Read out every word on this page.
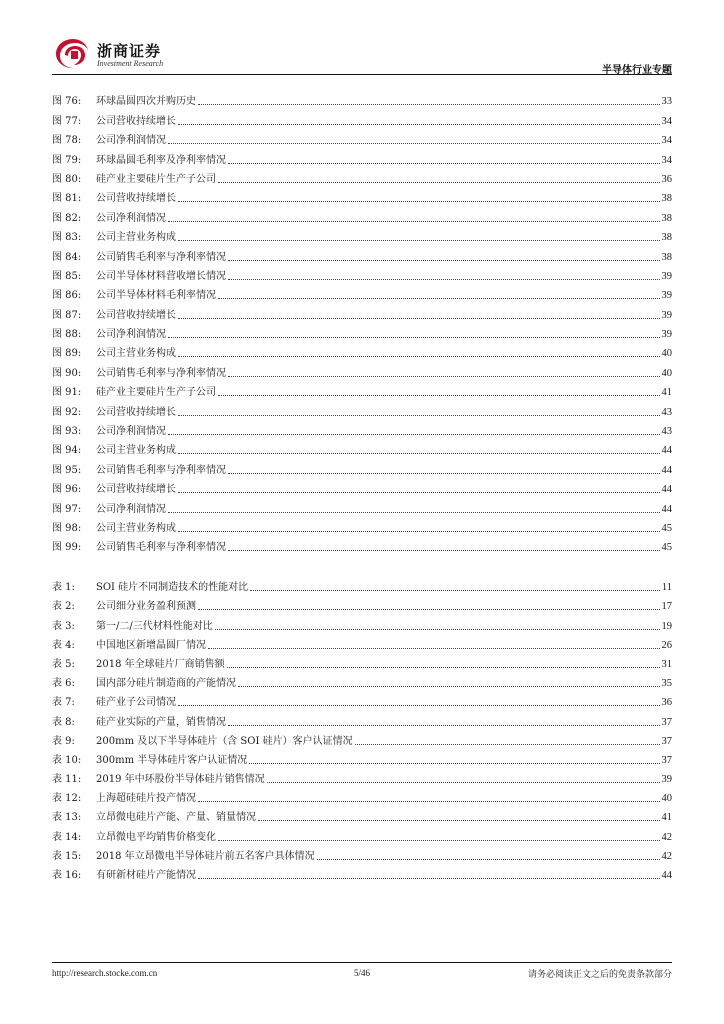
浙商证券
Investment Research
半导体行业专题
图 76:	环球晶圆四次并购历史	33
图 77:	公司营收持续增长	34
图 78:	公司净利润情况	34
图 79:	环球晶圆毛利率及净利率情况	34
图 80:	硅产业主要硅片生产子公司	36
图 81:	公司营收持续增长	38
图 82:	公司净利润情况	38
图 83:	公司主营业务构成	38
图 84:	公司销售毛利率与净利率情况	38
图 85:	公司半导体材料营收增长情况	39
图 86:	公司半导体材料毛利率情况	39
图 87:	公司营收持续增长	39
图 88:	公司净利润情况	39
图 89:	公司主营业务构成	40
图 90:	公司销售毛利率与净利率情况	40
图 91:	硅产业主要硅片生产子公司	41
图 92:	公司营收持续增长	43
图 93:	公司净利润情况	43
图 94:	公司主营业务构成	44
图 95:	公司销售毛利率与净利率情况	44
图 96:	公司营收持续增长	44
图 97:	公司净利润情况	44
图 98:	公司主营业务构成	45
图 99:	公司销售毛利率与净利率情况	45
表 1:	SOI 硅片不同制造技术的性能对比	11
表 2:	公司细分业务盈利预测	17
表 3:	第一/二/三代材料性能对比	19
表 4:	中国地区新增晶圆厂情况	26
表 5:	2018 年全球硅片厂商销售额	31
表 6:	国内部分硅片制造商的产能情况	35
表 7:	硅产业子公司情况	36
表 8:	硅产业实际的产量，销售情况	37
表 9:	200mm 及以下半导体硅片（含 SOI 硅片）客户认证情况	37
表 10:	300mm 半导体硅片客户认证情况	37
表 11:	2019 年中环股份半导体硅片销售情况	39
表 12:	上海超硅硅片投产情况	40
表 13:	立昂微电硅片产能、产量、销量情况	41
表 14:	立昂微电平均销售价格变化	42
表 15:	2018 年立昂微电半导体硅片前五名客户具体情况	42
表 16:	有研新材硅片产能情况	44
http://research.stocke.com.cn	5/46	请务必阅读正文之后的免责条款部分
